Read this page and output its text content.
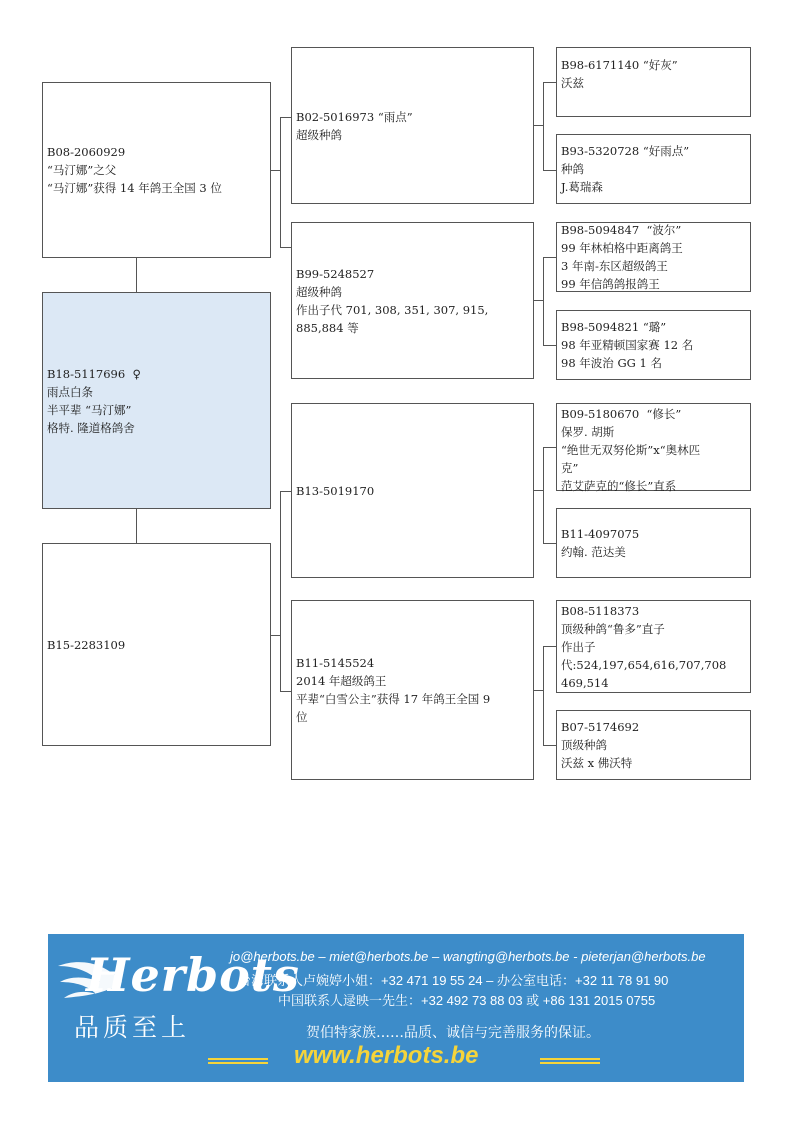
B08-2060929
“马汀娜”之父
“马汀娜”获得 14 年鸽王全国 3 位
B18-5117696  ♀
雨点白条
半平辈 “马汀娜”
格特. 隆道格鸽舍
B15-2283109
B02-5016973 “雨点”
超级种鸽
B99-5248527
超级种鸽
作出子代 701, 308, 351, 307, 915,
885,884 等
B13-5019170
B11-5145524
2014 年超级鸽王
平辈“白雪公主”获得 17 年鸽王全国 9
位
B98-6171140 “好灰”
沃兹
B93-5320728 “好雨点”
种鸽
J.葛瑞森
B98-5094847  “波尔”
99 年林柏格中距离鸽王
3 年南-东区超级鸽王
99 年信鸽鸽报鸽王
B98-5094821 “璐”
98 年亚精顿国家赛 12 名
98 年波治 GG 1 名
B09-5180670  “修长”
保罗. 胡斯
“绝世无双努伦斯”x“奥林匹
克”
范艾萨克的“修长”直系
B11-4097075
约翰. 范达美
B08-5118373
顶级种鸽“鲁多”直子
作出子
代:524,197,654,616,707,708
469,514
B07-5174692
顶级种鸽
沃兹 x 佛沃特
Herbots
品质至上
jo@herbots.be – miet@herbots.be – wangting@herbots.be - pieterjan@herbots.be
台湾联系人卢婉婷小姐：+32 471 19 55 24 – 办公室电话：+32 11 78 91 90
中国联系人逯映一先生：+32 492 73 88 03 或 +86 131 2015 0755
贺伯特家族……品质、诚信与完善服务的保证。
www.herbots.be
